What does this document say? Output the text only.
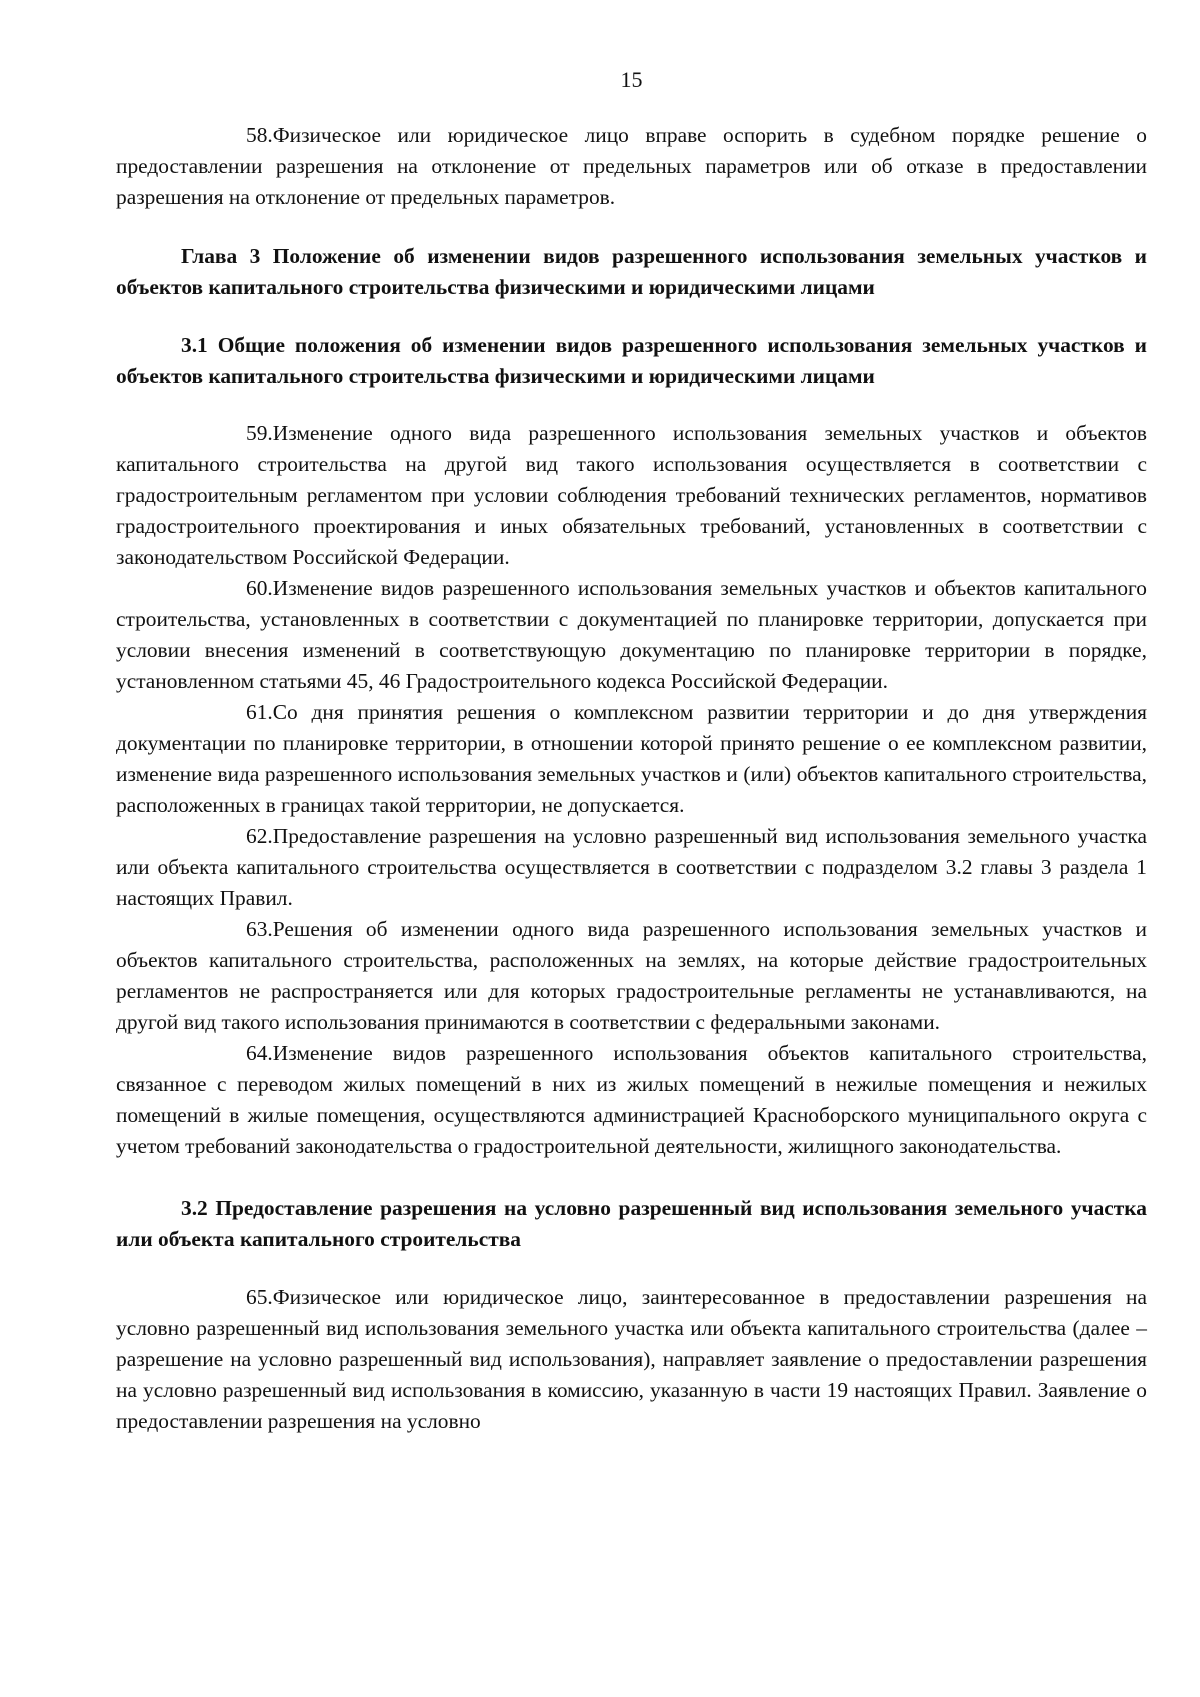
15

58.Физическое или юридическое лицо вправе оспорить в судебном порядке решение о предоставлении разрешения на отклонение от предельных параметров или об отказе в предоставлении разрешения на отклонение от предельных параметров.

Глава 3 Положение об изменении видов разрешенного использования земельных участков и объектов капитального строительства физическими и юридическими лицами

3.1 Общие положения об изменении видов разрешенного использования земельных участков и объектов капитального строительства физическими и юридическими лицами

59.Изменение одного вида разрешенного использования земельных участков и объектов капитального строительства на другой вид такого использования осуществляется в соответствии с градостроительным регламентом при условии соблюдения требований технических регламентов, нормативов градостроительного проектирования и иных обязательных требований, установленных в соответствии с законодательством Российской Федерации.

60.Изменение видов разрешенного использования земельных участков и объектов капитального строительства, установленных в соответствии с документацией по планировке территории, допускается при условии внесения изменений в соответствующую документацию по планировке территории в порядке, установленном статьями 45, 46 Градостроительного кодекса Российской Федерации.

61.Со дня принятия решения о комплексном развитии территории и до дня утверждения документации по планировке территории, в отношении которой принято решение о ее комплексном развитии, изменение вида разрешенного использования земельных участков и (или) объектов капитального строительства, расположенных в границах такой территории, не допускается.

62.Предоставление разрешения на условно разрешенный вид использования земельного участка или объекта капитального строительства осуществляется в соответствии с подразделом 3.2 главы 3 раздела 1 настоящих Правил.

63.Решения об изменении одного вида разрешенного использования земельных участков и объектов капитального строительства, расположенных на землях, на которые действие градостроительных регламентов не распространяется или для которых градостроительные регламенты не устанавливаются, на другой вид такого использования принимаются в соответствии с федеральными законами.

64.Изменение видов разрешенного использования объектов капитального строительства, связанное с переводом жилых помещений в них из жилых помещений в нежилые помещения и нежилых помещений в жилые помещения, осуществляются администрацией Красноборского муниципального округа с учетом требований законодательства о градостроительной деятельности, жилищного законодательства.

3.2 Предоставление разрешения на условно разрешенный вид использования земельного участка или объекта капитального строительства

65.Физическое или юридическое лицо, заинтересованное в предоставлении разрешения на условно разрешенный вид использования земельного участка или объекта капитального строительства (далее – разрешение на условно разрешенный вид использования), направляет заявление о предоставлении разрешения на условно разрешенный вид использования в комиссию, указанную в части 19 настоящих Правил. Заявление о предоставлении разрешения на условно
